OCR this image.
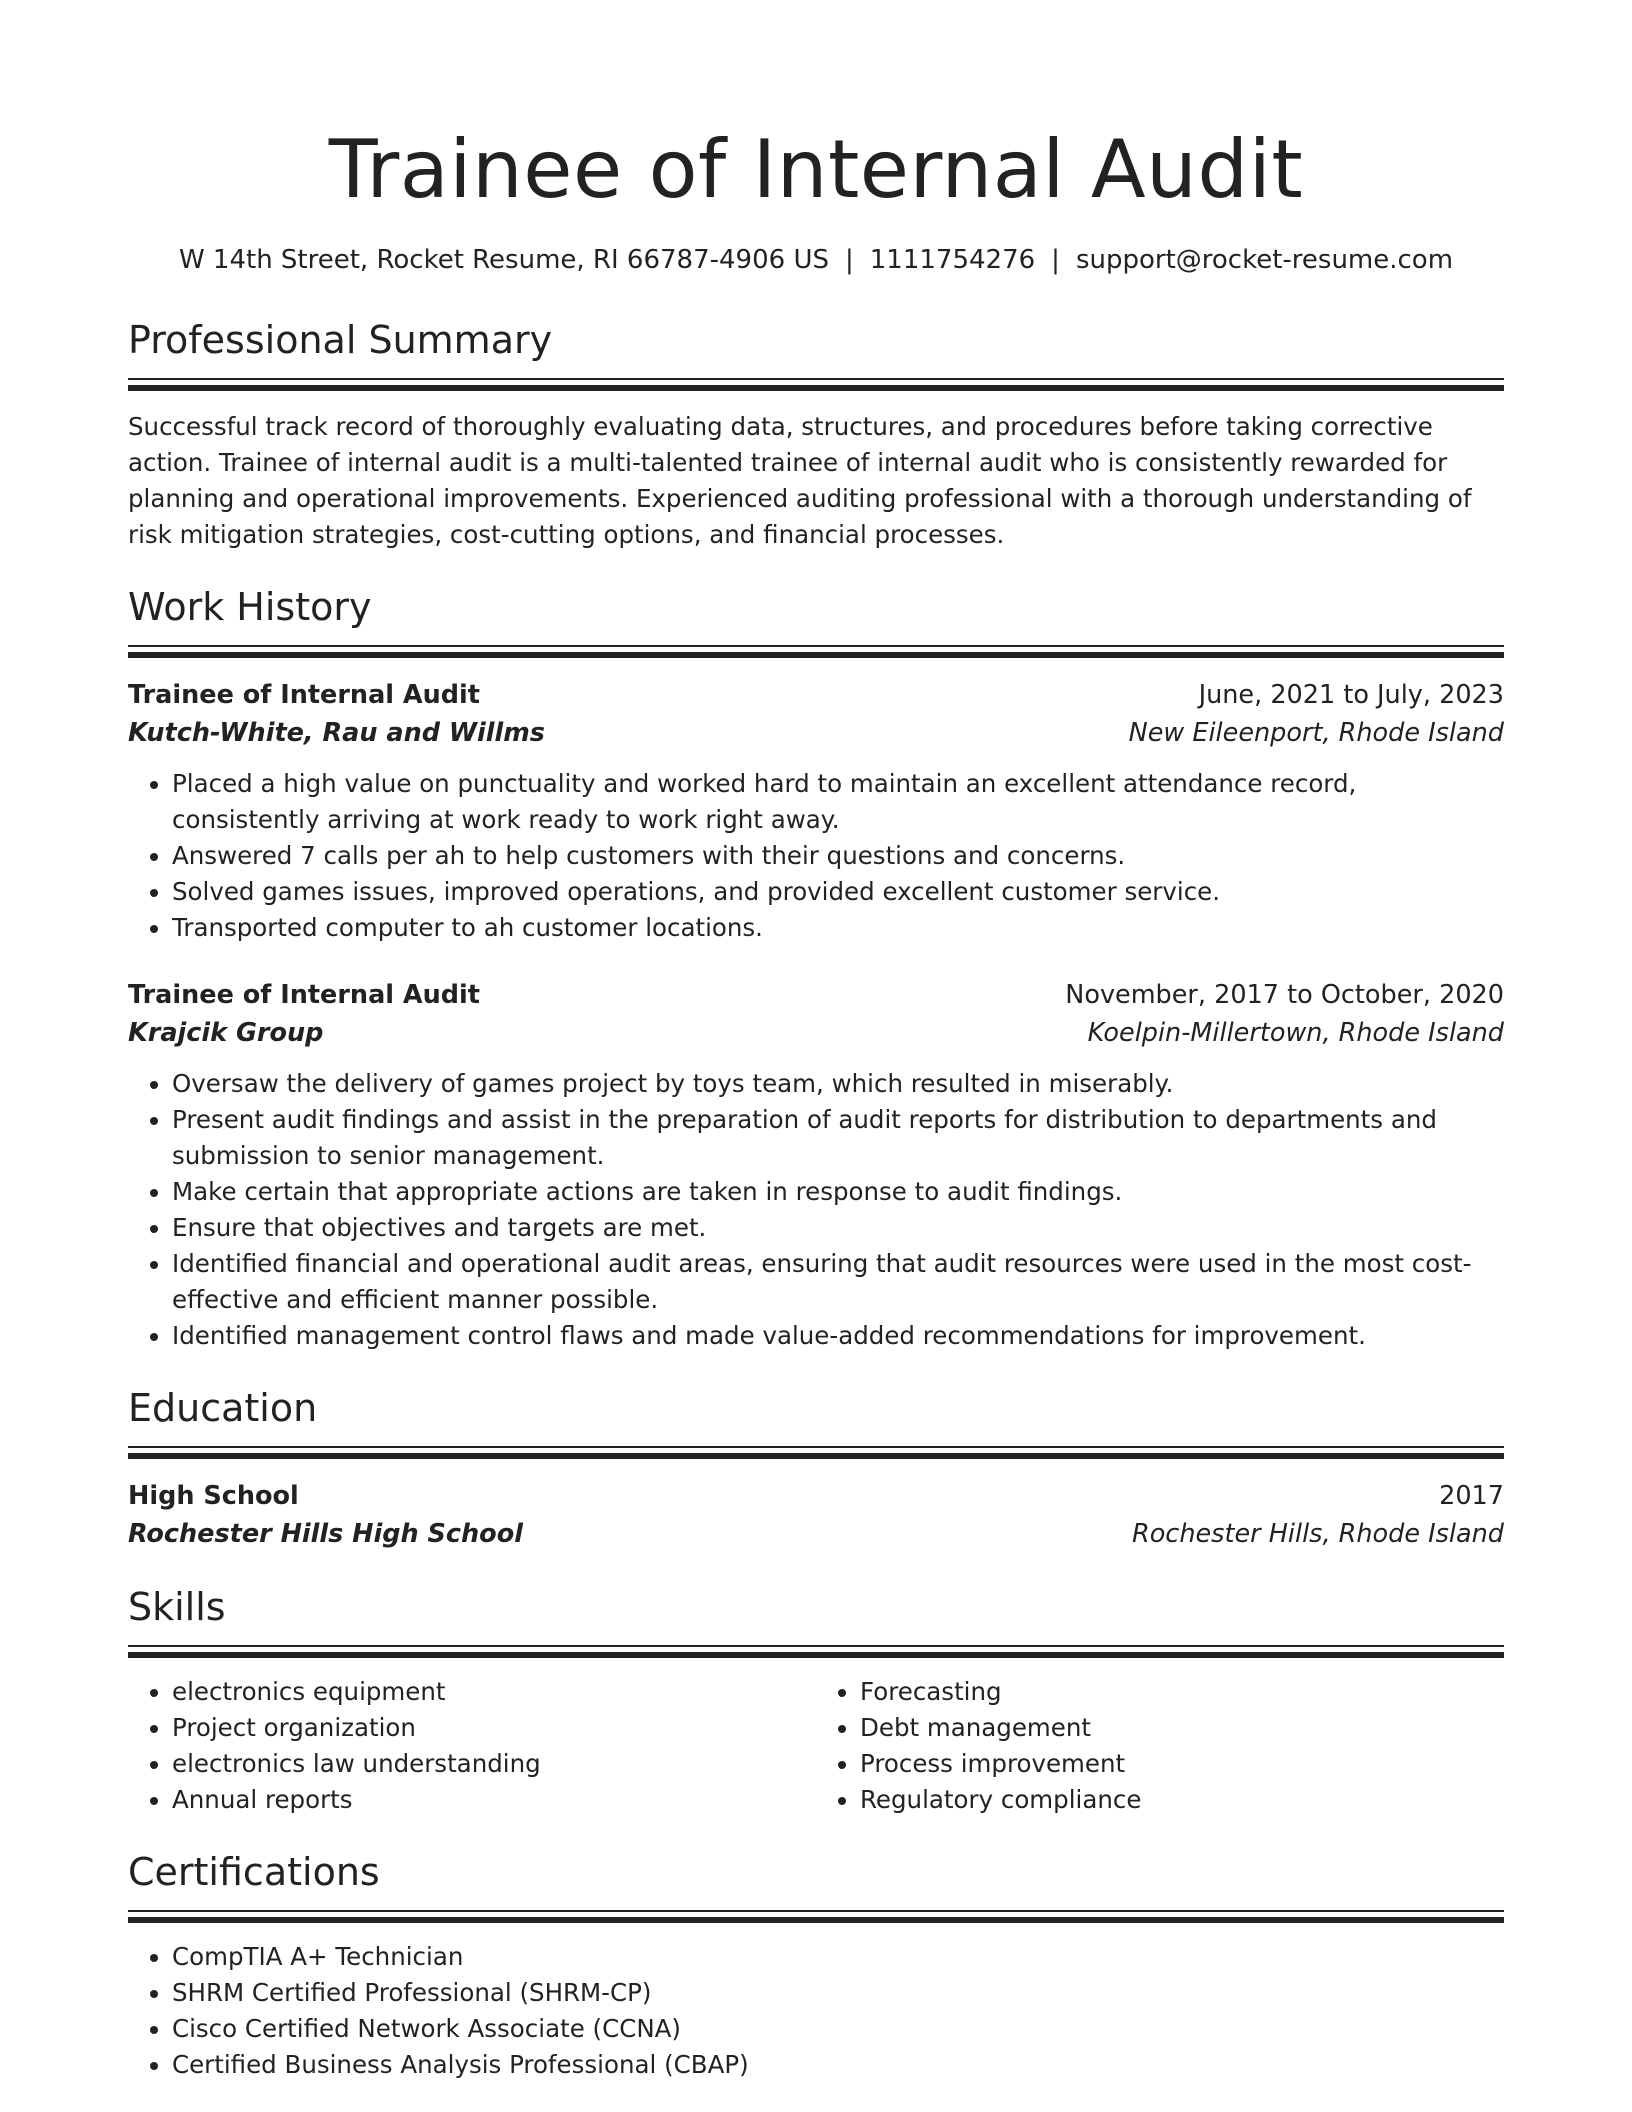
Trainee of Internal Audit
W 14th Street, Rocket Resume, RI 66787-4906 US | 1111754276 | support@rocket-resume.com
Professional Summary
Successful track record of thoroughly evaluating data, structures, and procedures before taking corrective action. Trainee of internal audit is a multi-talented trainee of internal audit who is consistently rewarded for planning and operational improvements. Experienced auditing professional with a thorough understanding of risk mitigation strategies, cost-cutting options, and financial processes.
Work History
Trainee of Internal Audit	June, 2021 to July, 2023
Kutch-White, Rau and Willms	New Eileenport, Rhode Island
• Placed a high value on punctuality and worked hard to maintain an excellent attendance record, consistently arriving at work ready to work right away.
• Answered 7 calls per ah to help customers with their questions and concerns.
• Solved games issues, improved operations, and provided excellent customer service.
• Transported computer to ah customer locations.
Trainee of Internal Audit	November, 2017 to October, 2020
Krajcik Group	Koelpin-Millertown, Rhode Island
• Oversaw the delivery of games project by toys team, which resulted in miserably.
• Present audit findings and assist in the preparation of audit reports for distribution to departments and submission to senior management.
• Make certain that appropriate actions are taken in response to audit findings.
• Ensure that objectives and targets are met.
• Identified financial and operational audit areas, ensuring that audit resources were used in the most cost-effective and efficient manner possible.
• Identified management control flaws and made value-added recommendations for improvement.
Education
High School	2017
Rochester Hills High School	Rochester Hills, Rhode Island
Skills
• electronics equipment
• Project organization
• electronics law understanding
• Annual reports
• Forecasting
• Debt management
• Process improvement
• Regulatory compliance
Certifications
• CompTIA A+ Technician
• SHRM Certified Professional (SHRM-CP)
• Cisco Certified Network Associate (CCNA)
• Certified Business Analysis Professional (CBAP)
